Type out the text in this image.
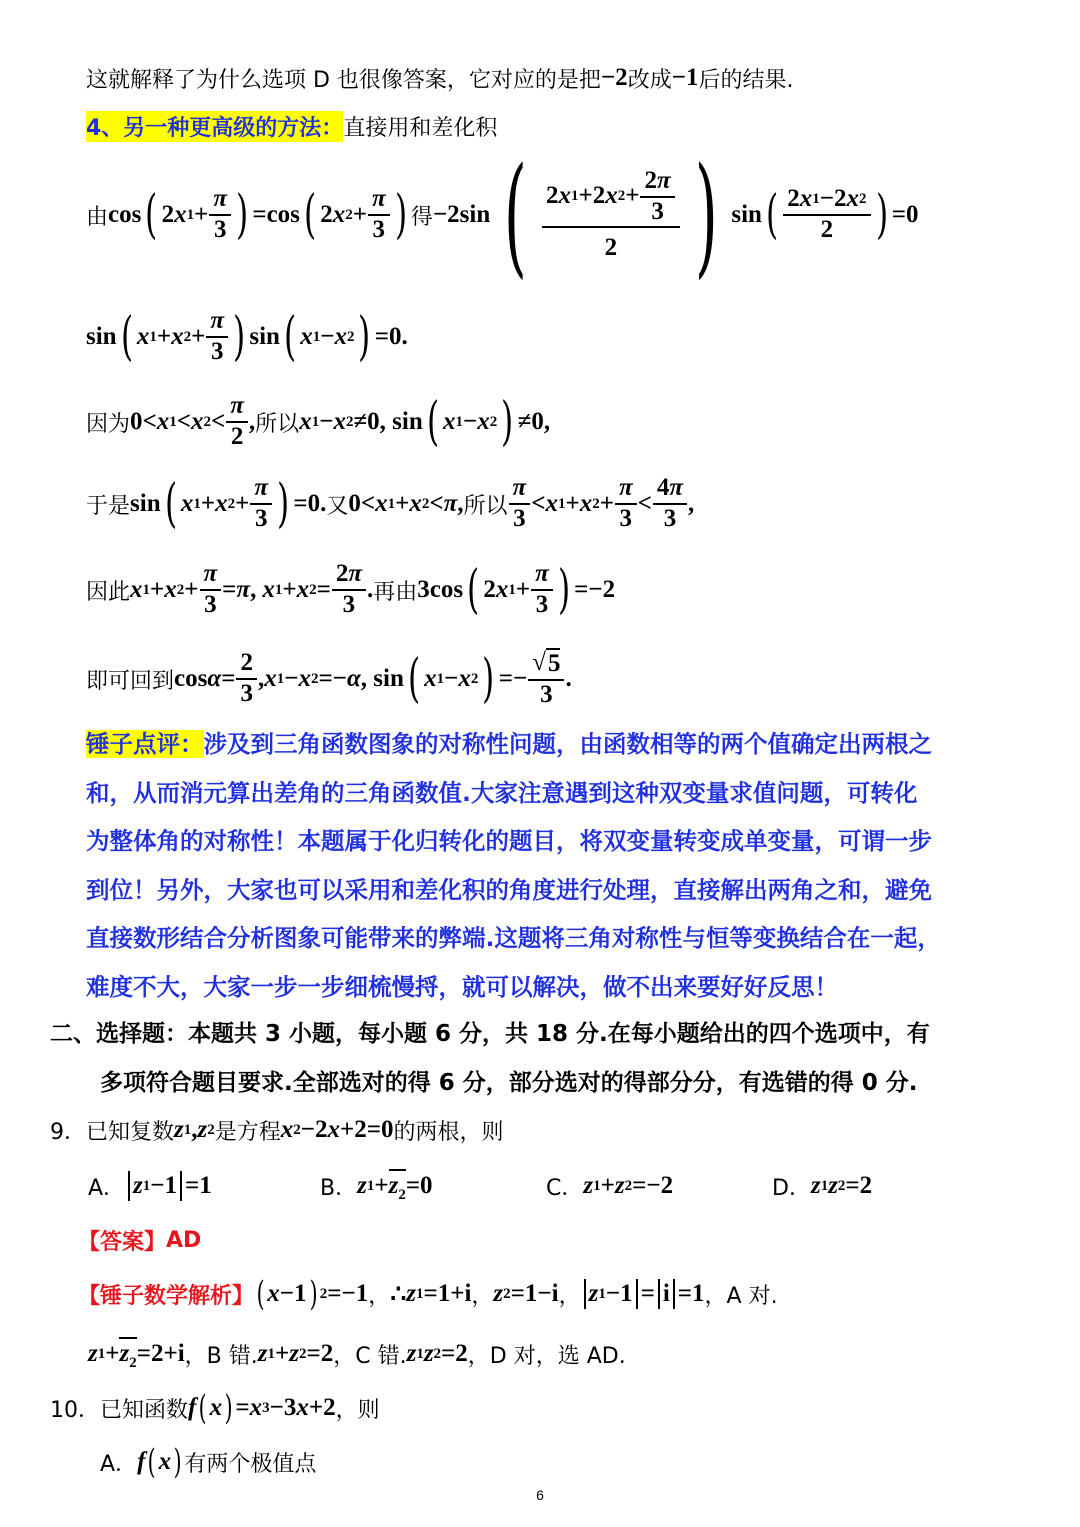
这就解释了为什么选项 D 也很像答案，它对应的是把 −2 改成 −1 后的结果.
4、另一种更高级的方法： 直接用和差化积
由 cos ( 2 x $1 + \frac{\pi}{3}$ ) =cos ( 2 x $2 + \frac{\pi}{3}$ ) 得 −2sin ( $\frac{2 x 1 +2 x 2 + \frac{2 \pi}{3}}{2}$ ) sin ( $\frac{2 x 1 -2 x 2}{2}$ ) =0
sin ( x 1 + x $2 + \frac{\pi}{3}$ ) sin ( x 1 − x 2 ) =0.
因为 0< x 1 < x $2 < \frac{\pi}{2}$ , 所以 x 1 − x 2 ≠0, sin ( x 1 − x 2 ) ≠0,
于是 sin ( x 1 + x $2 + \frac{\pi}{3}$ ) =0. 又 0< x 1 + x 2 < π , 所以 $\frac{\pi}{3} < x$ 1 + x $2 + \frac{\pi}{3} < \frac{4 \pi}{3}$ ,
因此 x 1 + x $2 + \frac{\pi}{3} = \pi$ , x 1 + x $2 = \frac{2 \pi}{3}$ . 再由 3cos ( 2 x $1 + \frac{\pi}{3}$ ) =−2
即可回到 $\cos \alpha = \frac{2}{3}$ , x 1 − x 2 =− α , sin ( x 1 − x 2 ) =− $\frac{√ 5}{3}$ .
锤子点评：涉及到三角函数图象的对称性问题，由函数相等的两个值确定出两根之
和，从而消元算出差角的三角函数值.大家注意遇到这种双变量求值问题，可转化
为整体角的对称性！本题属于化归转化的题目，将双变量转变成单变量，可谓一步
到位！另外，大家也可以采用和差化积的角度进行处理，直接解出两角之和，避免
直接数形结合分析图象可能带来的弊端.这题将三角对称性与恒等变换结合在一起，
难度不大，大家一步一步细梳慢捋，就可以解决，做不出来要好好反思！
二、选择题：本题共 3 小题，每小题 6 分，共 18 分.在每小题给出的四个选项中，有
多项符合题目要求.全部选对的得 6 分，部分选对的得部分分，有选错的得 0 分.
9．已知复数 z 1 , z 2 是方程 x 2 −2 x +2=0 的两根，则
A． z 1 −1 =1	B． z $1 + z_2 =0$	C． z 1 + z 2 =−2	D． z 1 z 2 =2
【答案】 AD
【锤子数学解析】 ( x −1 ) 2 =−1 ， ∴ z 1 =1+i ， z 2 =1−i ， z 1 −1 = i =1 ，A 对.
z $1 + z_2 =2+i$ ，B 错. z 1 + z 2 =2 ，C 错. z 1 z 2 =2 ，D 对，选 AD.
10．已知函数 f ( x ) = x 3 −3 x +2 ，则
A． f ( x ) 有两个极值点
6
